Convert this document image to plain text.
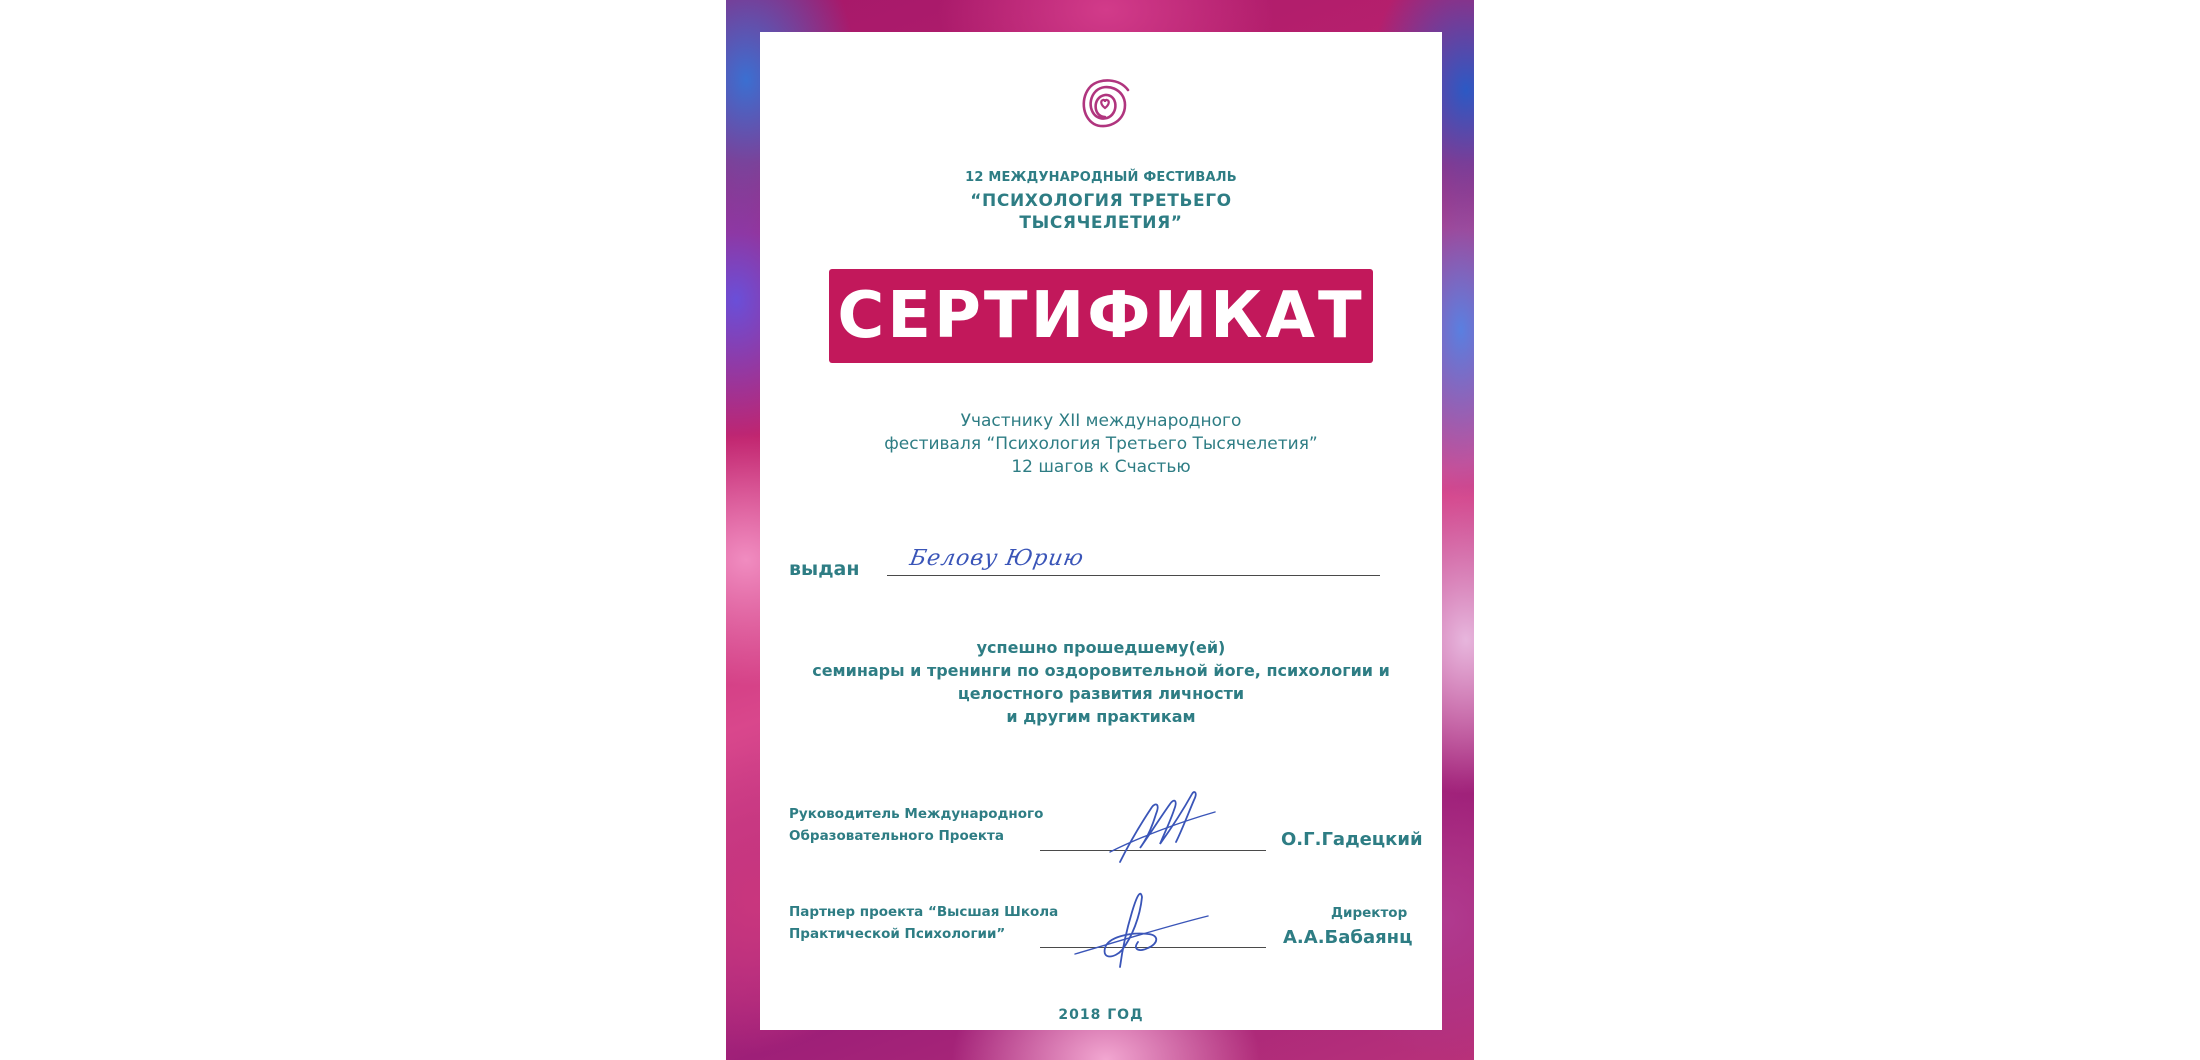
12 МЕЖДУНАРОДНЫЙ ФЕСТИВАЛЬ
“ПСИХОЛОГИЯ ТРЕТЬЕГО
ТЫСЯЧЕЛЕТИЯ”
СЕРТИФИКАТ
Участнику XII международного
фестиваля “Психология Третьего Тысячелетия”
12 шагов к Счастью
выдан Белову Юрию
успешно прошедшему(ей)
семинары и тренинги по оздоровительной йоге, психологии и
целостного развития личности
и другим практикам
Руководитель Международного
Образовательного Проекта	О.Г.Гадецкий
Партнер проекта “Высшая Школа
Практической Психологии”
Директор
А.А.Бабаянц
2018 ГОД
